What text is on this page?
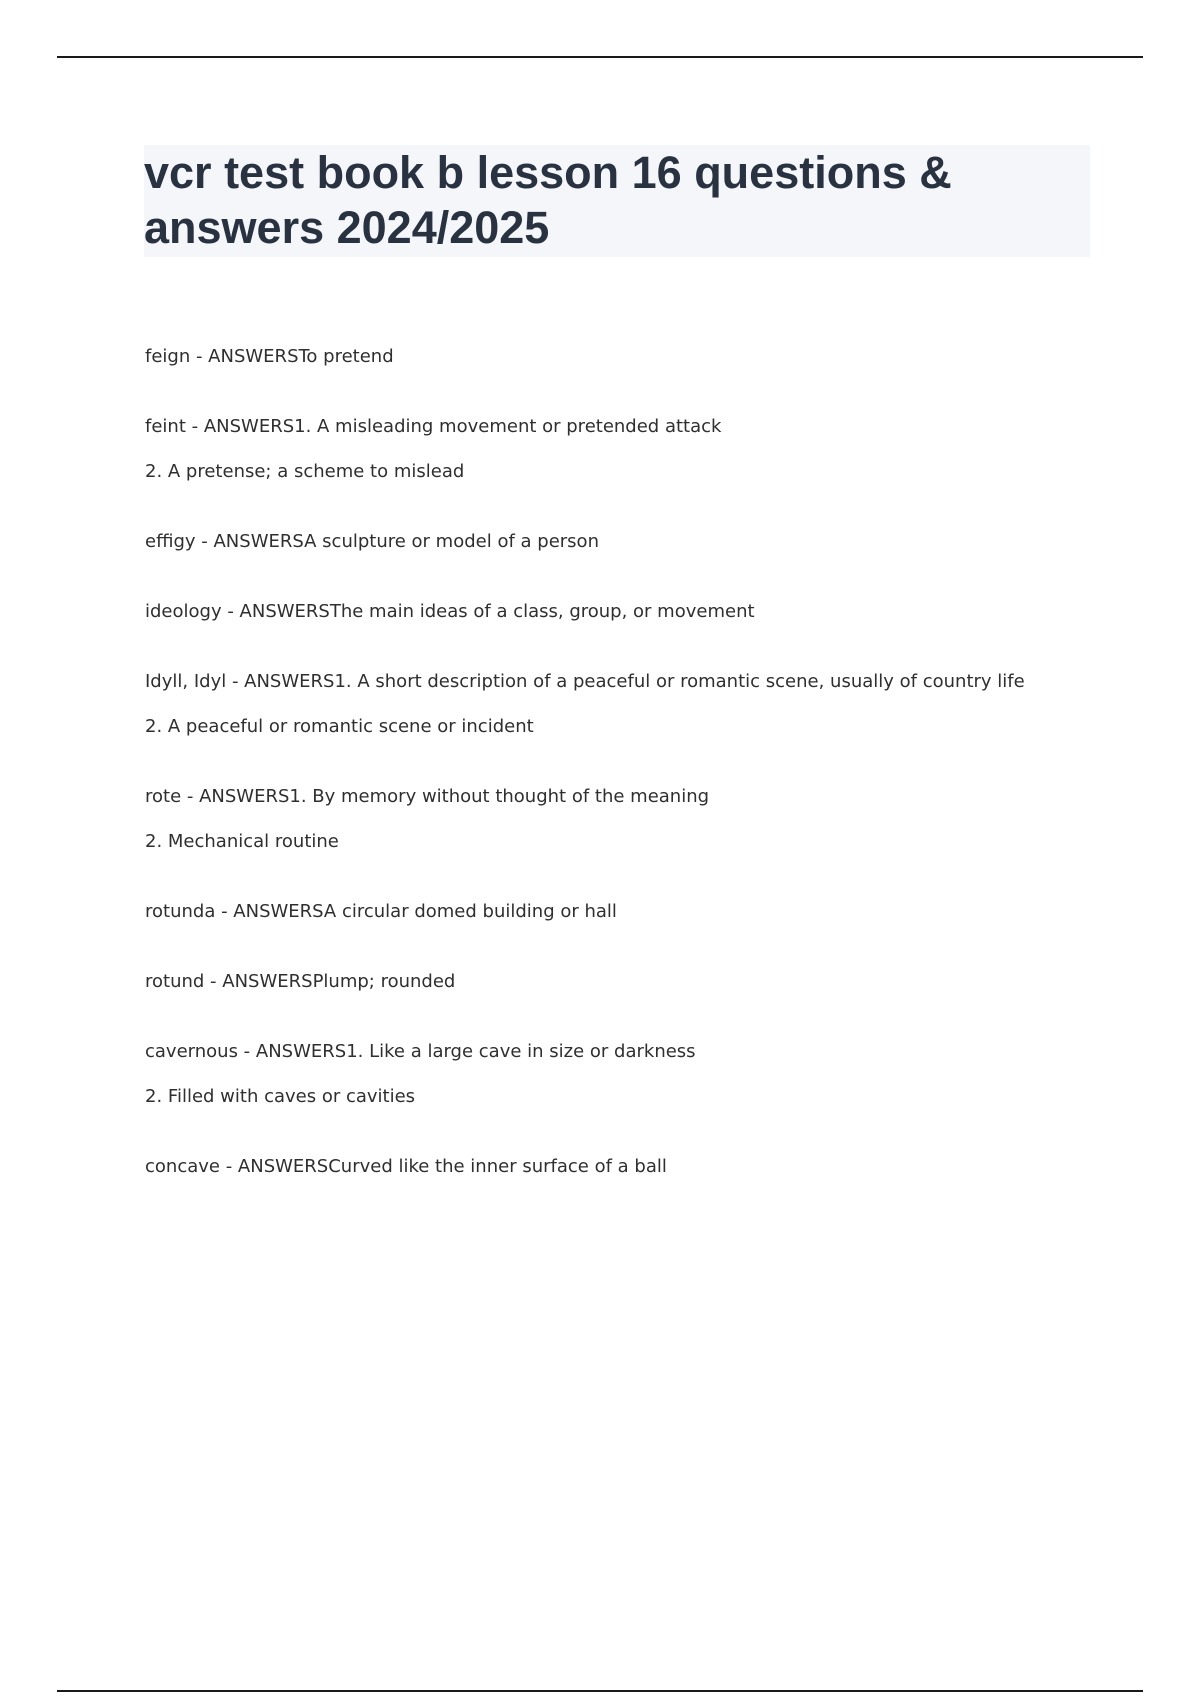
vcr test book b lesson 16 questions & answers 2024/2025
feign - ANSWERSTo pretend
feint - ANSWERS1. A misleading movement or pretended attack
2. A pretense; a scheme to mislead
effigy - ANSWERSA sculpture or model of a person
ideology - ANSWERSThe main ideas of a class, group, or movement
Idyll, Idyl - ANSWERS1. A short description of a peaceful or romantic scene, usually of country life
2. A peaceful or romantic scene or incident
rote - ANSWERS1. By memory without thought of the meaning
2. Mechanical routine
rotunda - ANSWERSA circular domed building or hall
rotund - ANSWERSPlump; rounded
cavernous - ANSWERS1. Like a large cave in size or darkness
2. Filled with caves or cavities
concave - ANSWERSCurved like the inner surface of a ball
